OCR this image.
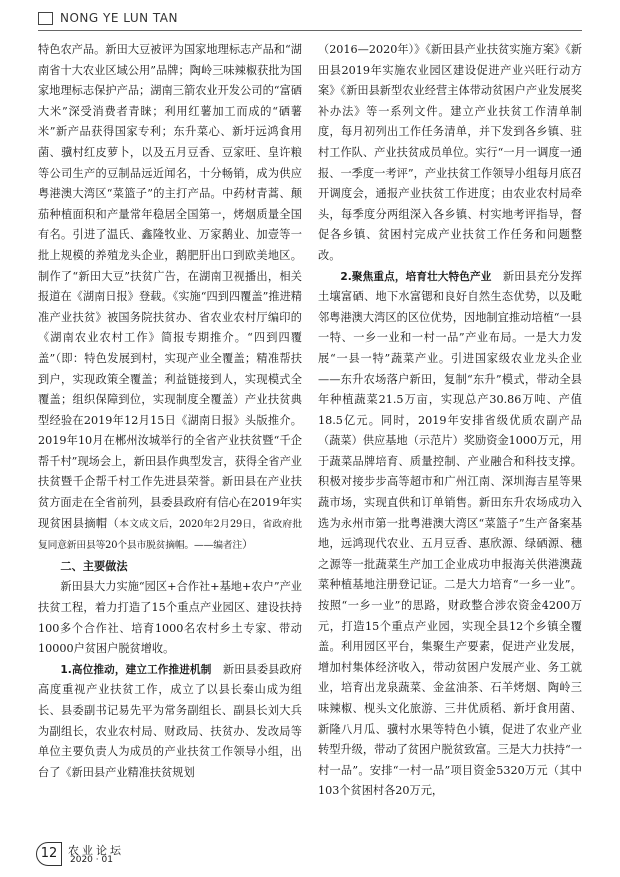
NONG YE LUN TAN

特色农产品。新田大豆被评为国家地理标志产品和“湖南省十大农业区域公用”品牌；陶岭三味辣椒获批为国家地理标志保护产品；湖南三箭农业开发公司的“富硒大米”深受消费者青睐；利用红薯加工而成的“硒薯米”新产品获得国家专利；东升菜心、新圩远鸿食用菌、骥村红皮萝卜，以及五月豆香、豆家旺、皇许粮等公司生产的豆制品远近闻名，十分畅销，成为供应粤港澳大湾区“菜篮子”的主打产品。中药材青蒿、颠茄种植面积和产量常年稳居全国第一，烤烟质量全国有名。引进了温氏、鑫隆牧业、万家鹅业、加壹等一批上规模的养殖龙头企业，鹅肥肝出口到欧美地区。制作了“新田大豆”扶贫广告，在湖南卫视播出，相关报道在《湖南日报》登载。《实施“四到四覆盖”推进精准产业扶贫》被国务院扶贫办、省农业农村厅编印的《湖南农业农村工作》简报专期推介。“四到四覆盖”（即：特色发展到村，实现产业全覆盖；精准帮扶到户，实现政策全覆盖；利益链接到人，实现模式全覆盖；组织保障到位，实现制度全覆盖）产业扶贫典型经验在2019年12月15日《湖南日报》头版推介。2019年10月在郴州汝城举行的全省产业扶贫暨“千企帮千村”现场会上，新田县作典型发言，获得全省产业扶贫暨千企帮千村工作先进县荣誉。新田县在产业扶贫方面走在全省前列，县委县政府有信心在2019年实现贫困县摘帽（本文成文后，2020年2月29日，省政府批复同意新田县等20个县市脱贫摘帽。——编者注）

二、主要做法

新田县大力实施“园区+合作社+基地+农户”产业扶贫工程，着力打造了15个重点产业园区、建设扶持100多个合作社、培育1000名农村乡土专家、带动10000户贫困户脱贫增收。

1.高位推动，建立工作推进机制　 新田县委县政府高度重视产业扶贫工作，成立了以县长秦山成为组长、县委副书记易先平为常务副组长、副县长刘大兵为副组长，农业农村局、财政局、扶贫办、发改局等单位主要负责人为成员的产业扶贫工作领导小组，出台了《新田县产业精准扶贫规划

（2016—2020年）》《新田县产业扶贫实施方案》《新田县2019年实施农业园区建设促进产业兴旺行动方案》《新田县新型农业经营主体带动贫困户产业发展奖补办法》等一系列文件。建立产业扶贫工作清单制度，每月初列出工作任务清单，并下发到各乡镇、驻村工作队、产业扶贫成员单位。实行“一月一调度一通报、一季度一考评”，产业扶贫工作领导小组每月底召开调度会，通报产业扶贫工作进度；由农业农村局牵头，每季度分两组深入各乡镇、村实地考评指导，督促各乡镇、贫困村完成产业扶贫工作任务和问题整改。

2.聚焦重点，培育壮大特色产业　 新田县充分发挥土壤富硒、地下水富锶和良好自然生态优势，以及毗邻粤港澳大湾区的区位优势，因地制宜推动培植“一县一特、一乡一业和一村一品”产业布局。一是大力发展“一县一特”蔬菜产业。引进国家级农业龙头企业——东升农场落户新田，复制“东升”模式，带动全县年种植蔬菜21.5万亩，实现总产30.86万吨、产值18.5亿元。同时，2019年安排省级优质农副产品（蔬菜）供应基地（示范片）奖励资金1000万元，用于蔬菜品牌培育、质量控制、产业融合和科技支撑。积极对接步步高等超市和广州江南、深圳海吉星等果蔬市场，实现直供和订单销售。新田东升农场成功入选为永州市第一批粤港澳大湾区“菜篮子”生产备案基地，远鸿现代农业、五月豆香、惠欣源、绿硒源、穗之源等一批蔬菜生产加工企业成功申报海关供港澳蔬菜种植基地注册登记证。二是大力培育“一乡一业”。按照“一乡一业”的思路，财政整合涉农资金4200万元，打造15个重点产业园，实现全县12个乡镇全覆盖。利用园区平台，集聚生产要素，促进产业发展，增加村集体经济收入，带动贫困户发展产业、务工就业，培育出龙泉蔬菜、金盆油茶、石羊烤烟、陶岭三味辣椒、枧头文化旅游、三井优质稻、新圩食用菌、新隆八月瓜、骥村水果等特色小镇，促进了农业产业转型升级，带动了贫困户脱贫致富。三是大力扶持“一村一品”。安排“一村一品”项目资金5320万元（其中103个贫困村各20万元，

12 农业论坛
2020 · 01
